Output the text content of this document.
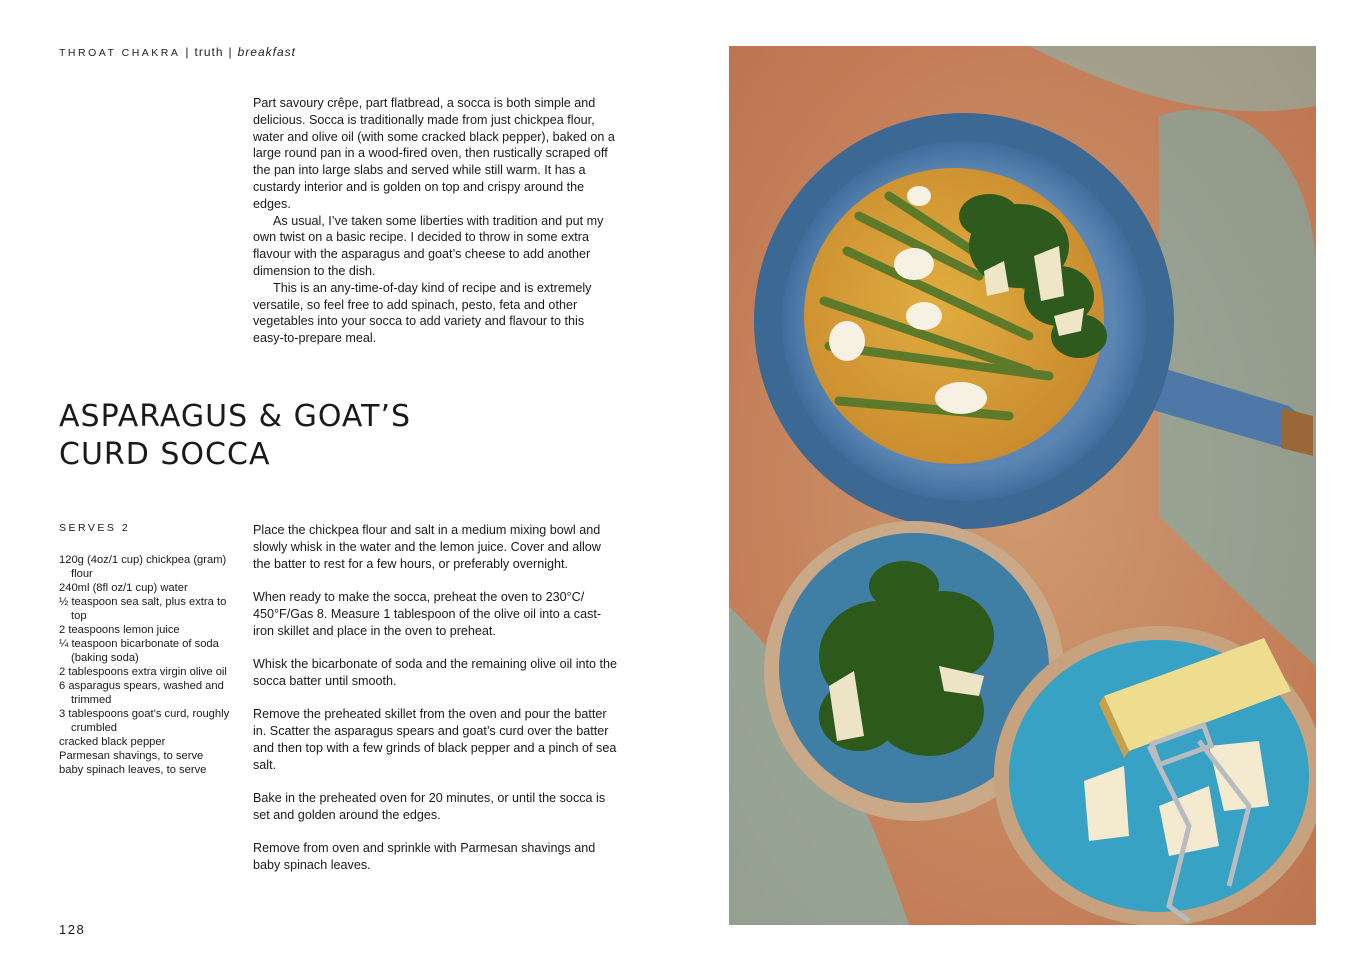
THROAT CHAKRA | truth | breakfast

Part savoury crêpe, part flatbread, a socca is both simple and delicious. Socca is traditionally made from just chickpea flour, water and olive oil (with some cracked black pepper), baked on a large round pan in a wood-fired oven, then rustically scraped off the pan into large slabs and served while still warm. It has a custardy interior and is golden on top and crispy around the edges.

As usual, I’ve taken some liberties with tradition and put my own twist on a basic recipe. I decided to throw in some extra flavour with the asparagus and goat’s cheese to add another dimension to the dish.

This is an any-time-of-day kind of recipe and is extremely versatile, so feel free to add spinach, pesto, feta and other vegetables into your socca to add variety and flavour to this easy-to-prepare meal.

ASPARAGUS & GOAT’S
CURD SOCCA
SERVES 2
120g (4oz/1 cup) chickpea (gram) flour
240ml (8fl oz/1 cup) water
½ teaspoon sea salt, plus extra to top
2 teaspoons lemon juice
¼ teaspoon bicarbonate of soda (baking soda)
2 tablespoons extra virgin olive oil
6 asparagus spears, washed and trimmed
3 tablespoons goat’s curd, roughly crumbled
cracked black pepper
Parmesan shavings, to serve
baby spinach leaves, to serve

Place the chickpea flour and salt in a medium mixing bowl and slowly whisk in the water and the lemon juice. Cover and allow the batter to rest for a few hours, or preferably overnight.

When ready to make the socca, preheat the oven to 230°C/ 450°F/Gas 8. Measure 1 tablespoon of the olive oil into a cast-iron skillet and place in the oven to preheat.

Whisk the bicarbonate of soda and the remaining olive oil into the socca batter until smooth.

Remove the preheated skillet from the oven and pour the batter in. Scatter the asparagus spears and goat’s curd over the batter and then top with a few grinds of black pepper and a pinch of sea salt.

Bake in the preheated oven for 20 minutes, or until the socca is set and golden around the edges.

Remove from oven and sprinkle with Parmesan shavings and baby spinach leaves.

128
